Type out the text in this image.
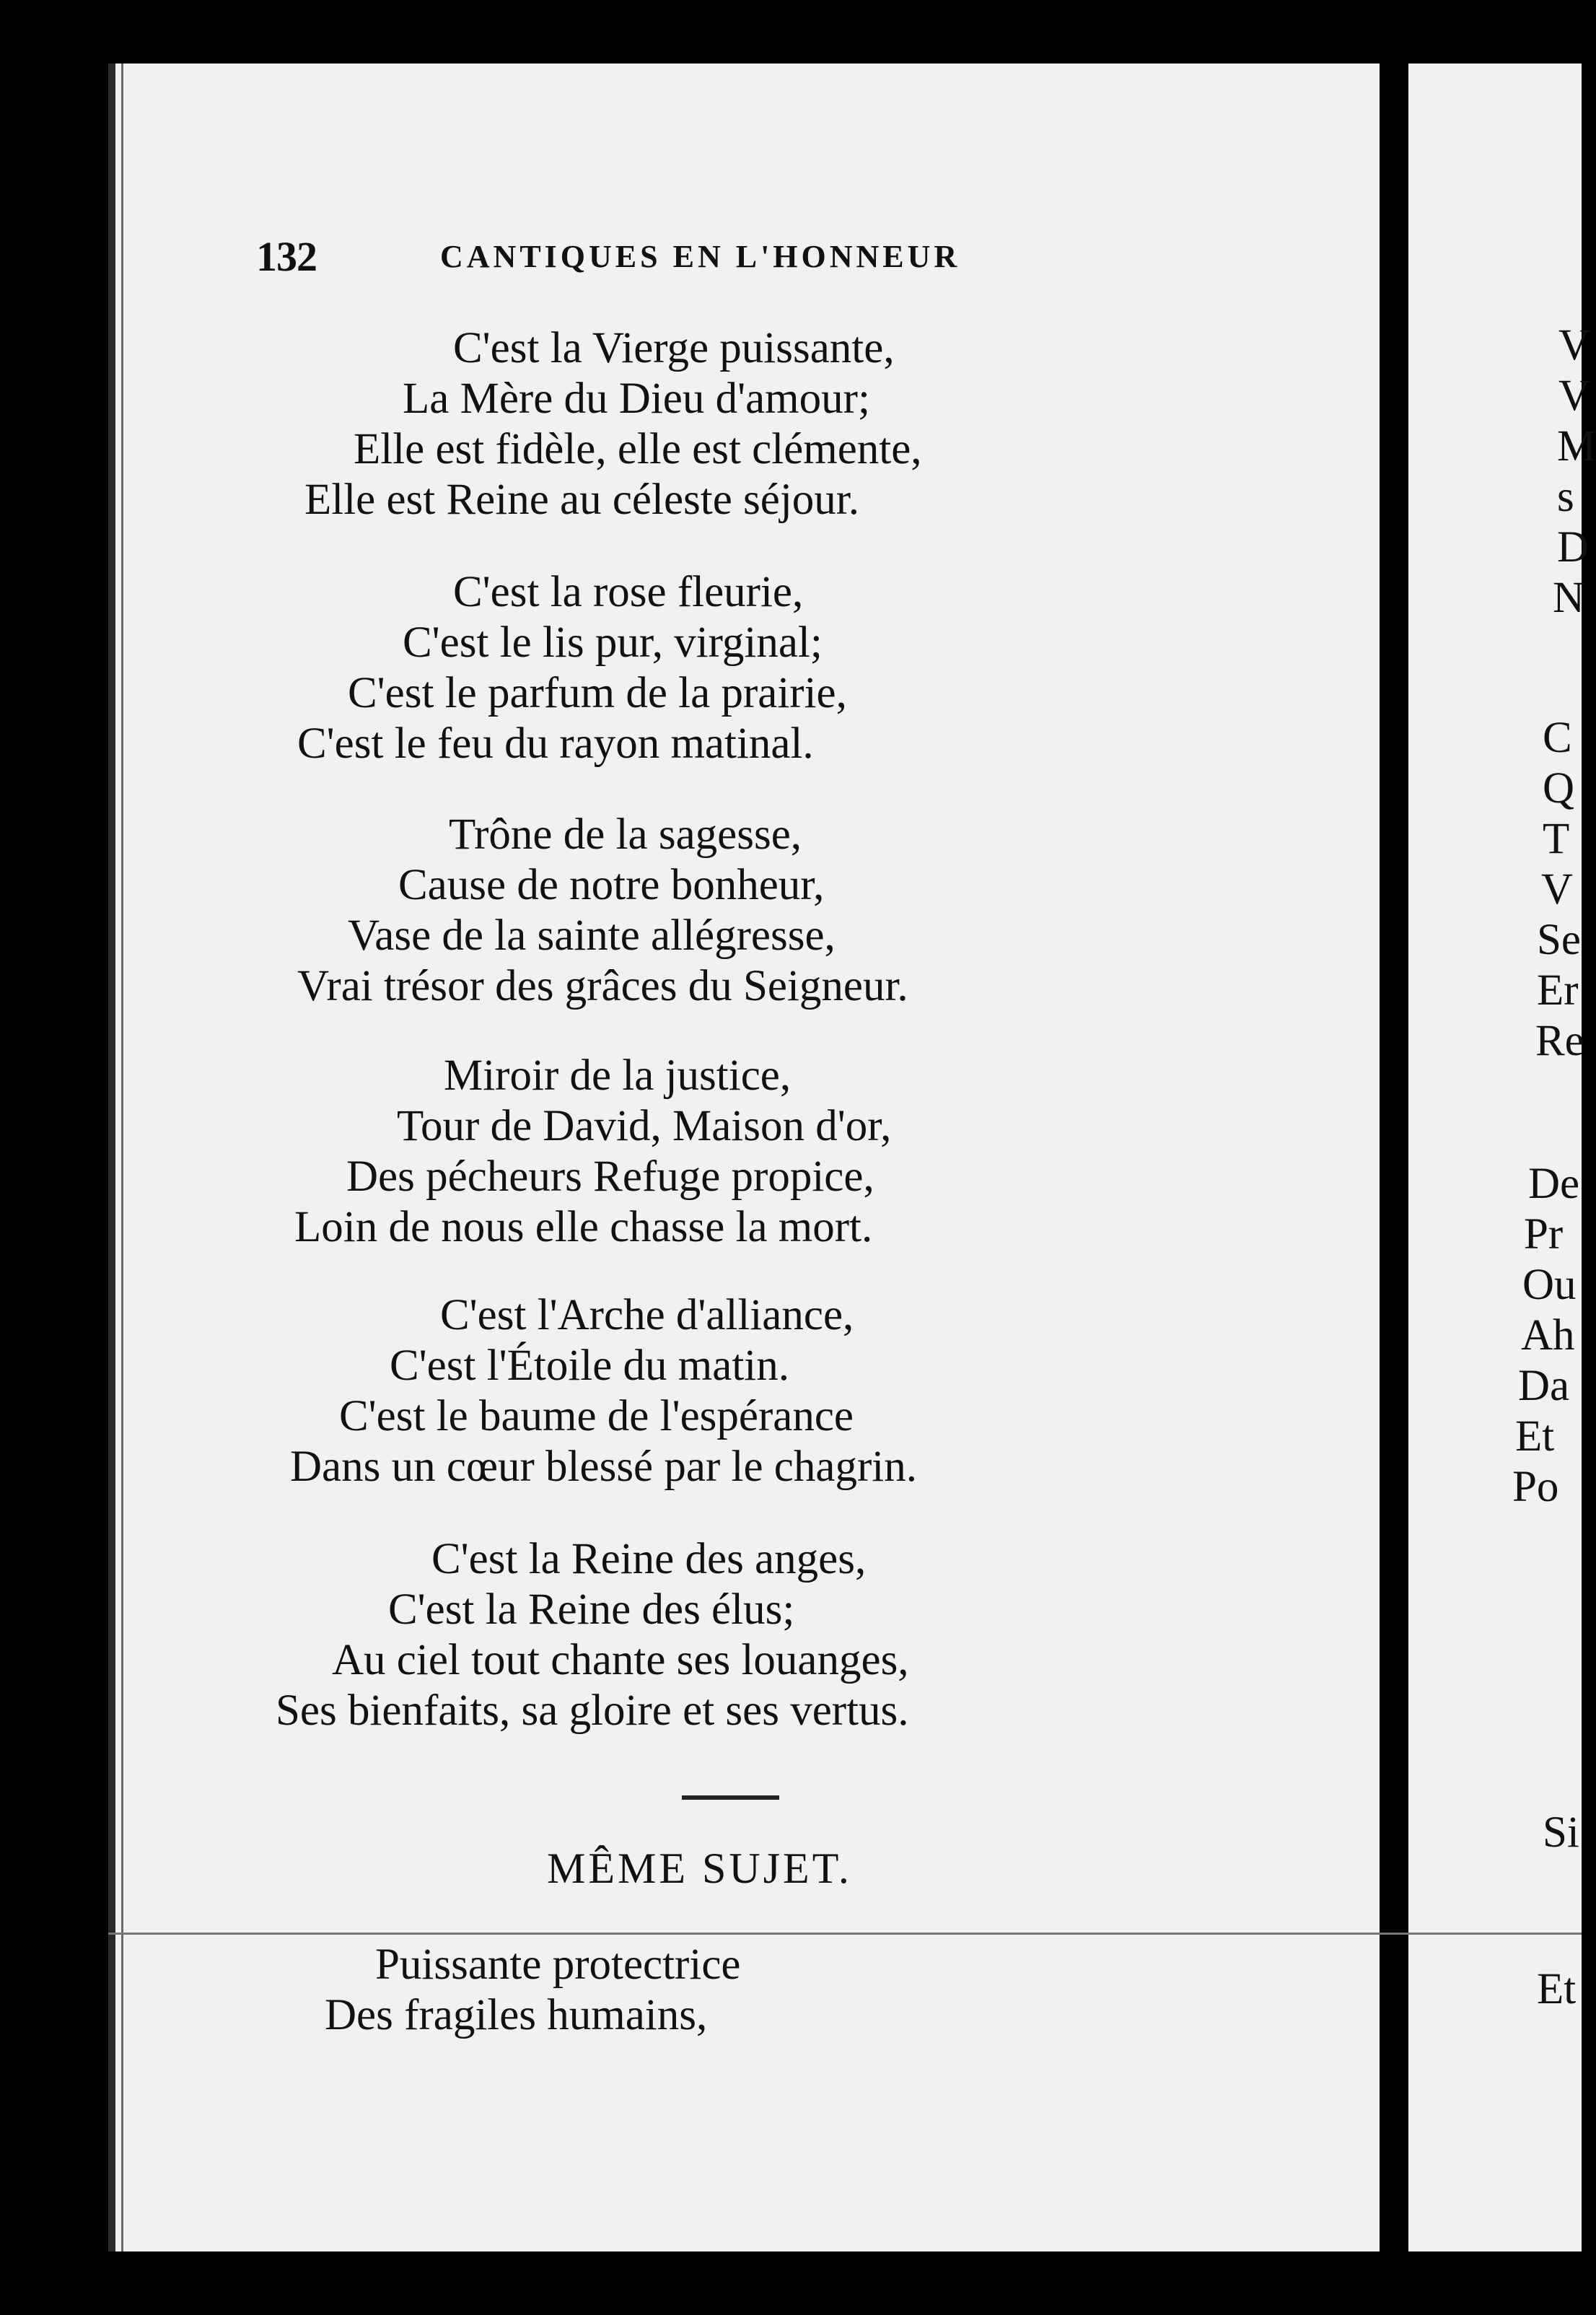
132	CANTIQUES EN L'HONNEUR
C'est la Vierge puissante,
La Mère du Dieu d'amour;
Elle est fidèle, elle est clémente,
Elle est Reine au céleste séjour.
C'est la rose fleurie,
C'est le lis pur, virginal;
C'est le parfum de la prairie,
C'est le feu du rayon matinal.
Trône de la sagesse,
Cause de notre bonheur,
Vase de la sainte allégresse,
Vrai trésor des grâces du Seigneur.
Miroir de la justice,
Tour de David, Maison d'or,
Des pécheurs Refuge propice,
Loin de nous elle chasse la mort.
C'est l'Arche d'alliance,
C'est l'Étoile du matin.
C'est le baume de l'espérance
Dans un cœur blessé par le chagrin.
C'est la Reine des anges,
C'est la Reine des élus;
Au ciel tout chante ses louanges,
Ses bienfaits, sa gloire et ses vertus.
Puissante protectrice
Des fragiles humains,
MÊME SUJET.
V
V
M
s
D
N
C
Q
T
V
Se
Er
Re
De
Pr
Ou
Ah
Da
Et
Po
Si
Et
